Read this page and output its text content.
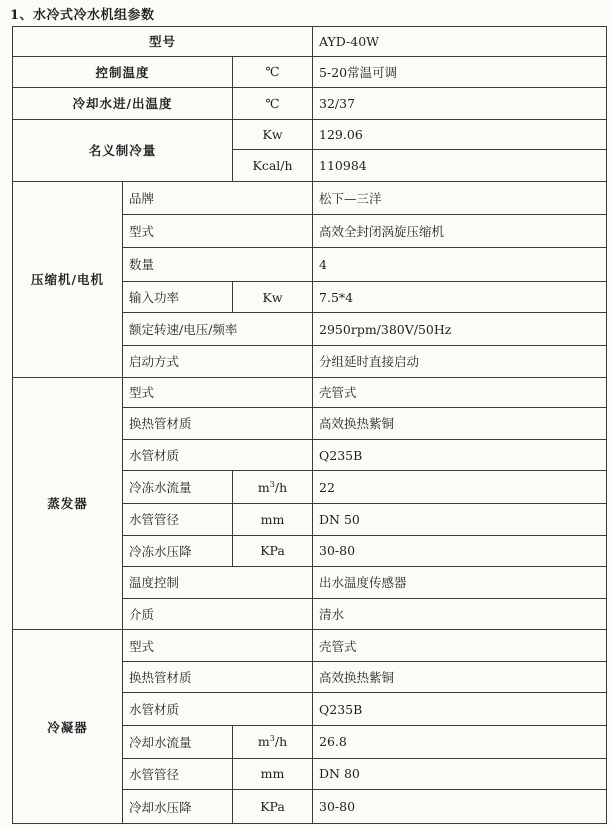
1、水冷式冷水机组参数
型号			AYD-40W
控制温度		℃	5-20常温可调
冷却水进/出温度		℃	32/37
名义制冷量		Kw	129.06
		Kcal/h	110984
压缩机/电机	品牌		松下—三洋
	型式		高效全封闭涡旋压缩机
	数量		4
	输入功率	Kw	7.5*4
	额定转速/电压/频率		2950rpm/380V/50Hz
	启动方式		分组延时直接启动
蒸发器	型式		壳管式
	换热管材质		高效换热紫铜
	水管材质		Q235B
	冷冻水流量	$m^3/h$	22
	水管管径	mm	DN 50
	冷冻水压降	KPa	30-80
	温度控制		出水温度传感器
	介质		清水
冷凝器	型式		壳管式
	换热管材质		高效换热紫铜
	水管材质		Q235B
	冷却水流量	$m^3/h$	26.8
	水管管径	mm	DN 80
	冷却水压降	KPa	30-80
